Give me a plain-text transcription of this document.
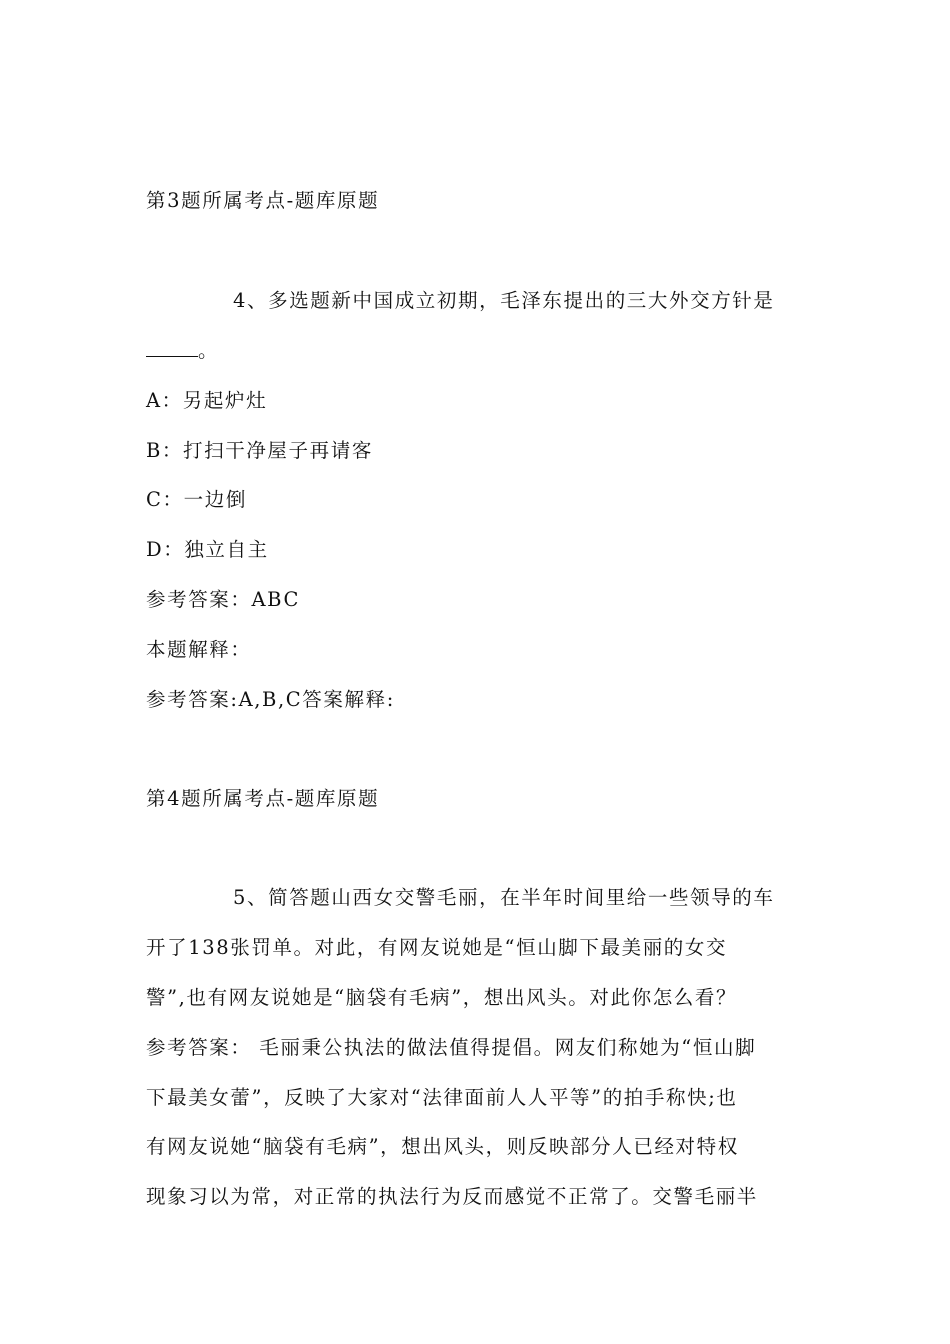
第3题所属考点-题库原题
4、多选题新中国成立初期，毛泽东提出的三大外交方针是
。
A：另起炉灶
B：打扫干净屋子再请客
C：一边倒
D：独立自主
参考答案：ABC
本题解释：
参考答案:A,B,C答案解释:
第4题所属考点-题库原题
5、简答题山西女交警毛丽，在半年时间里给一些领导的车
开了138张罚单。对此，有网友说她是“恒山脚下最美丽的女交
警”,也有网友说她是“脑袋有毛病”，想出风头。对此你怎么看？
参考答案： 毛丽秉公执法的做法值得提倡。网友们称她为“恒山脚
下最美女蕾”，反映了大家对“法律面前人人平等”的拍手称快;也
有网友说她“脑袋有毛病”，想出风头，则反映部分人已经对特权
现象习以为常，对正常的执法行为反而感觉不正常了。交警毛丽半
